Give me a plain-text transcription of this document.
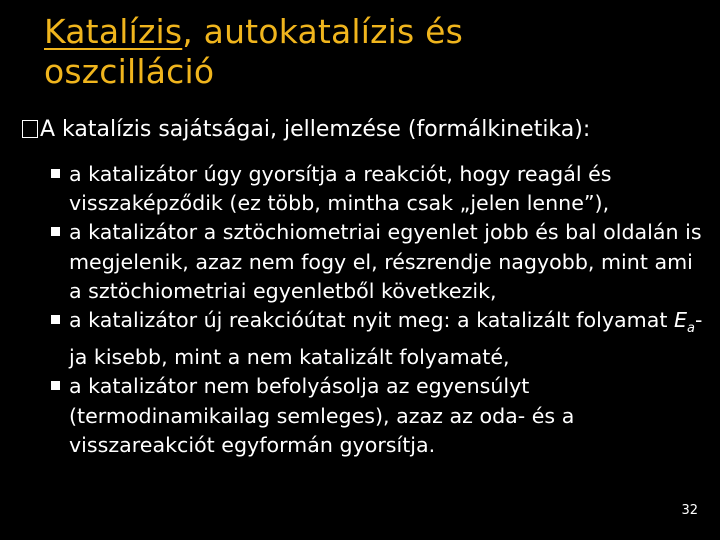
Katalízis, autokatalízis és
oszcilláció
A katalízis sajátságai, jellemzése (formálkinetika):
a katalizátor úgy gyorsítja a reakciót, hogy reagál és visszaképződik (ez több, mintha csak „jelen lenne”),
a katalizátor a sztöchiometriai egyenlet jobb és bal oldalán is megjelenik, azaz nem fogy el, részrendje nagyobb, mint ami a sztöchiometriai egyenletből következik,
a katalizátor új reakcióútat nyit meg: a katalizált folyamat $E_a-ja$ kisebb, mint a nem katalizált folyamaté,
a katalizátor nem befolyásolja az egyensúlyt (termodinamikailag semleges), azaz az oda- és a visszareakciót egyformán gyorsítja.
32
